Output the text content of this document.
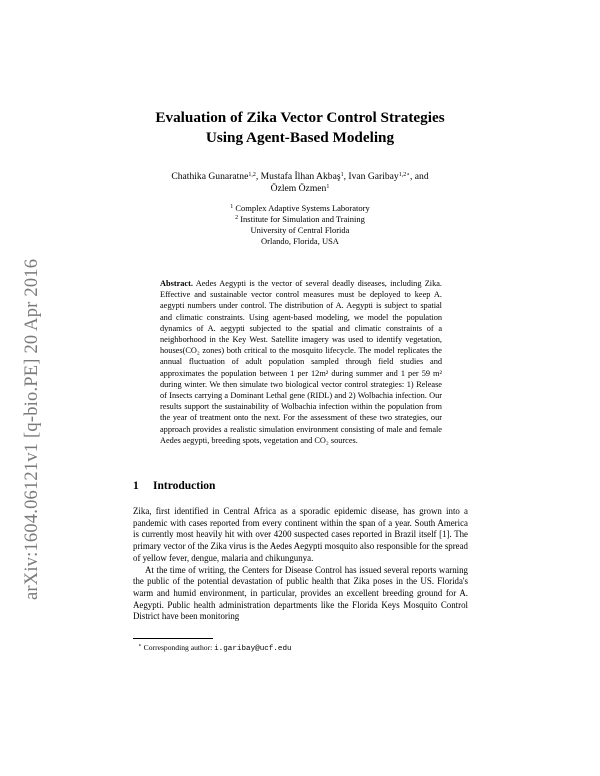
arXiv:1604.06121v1 [q-bio.PE] 20 Apr 2016
Evaluation of Zika Vector Control Strategies
Using Agent-Based Modeling
Chathika Gunaratne$^{1,2}$, Mustafa İlhan Akbaş$^1$, Ivan Garibay$^{1,2⋆}$, and
Özlem Özmen$^1$
$^1$ Complex Adaptive Systems Laboratory
$^2$ Institute for Simulation and Training
University of Central Florida
Orlando, Florida, USA
Abstract. Aedes Aegypti is the vector of several deadly diseases, including Zika. Effective and sustainable vector control measures must be deployed to keep A. aegypti numbers under control. The distribution of A. Aegypti is subject to spatial and climatic constraints. Using agent-based modeling, we model the population dynamics of A. aegypti subjected to the spatial and climatic constraints of a neighborhood in the Key West. Satellite imagery was used to identify vegetation, houses(CO₂ zones) both critical to the mosquito lifecycle. The model replicates the annual fluctuation of adult population sampled through field studies and approximates the population between 1 per 12m² during summer and 1 per 59 m² during winter. We then simulate two biological vector control strategies: 1) Release of Insects carrying a Dominant Lethal gene (RIDL) and 2) Wolbachia infection. Our results support the sustainability of Wolbachia infection within the population from the year of treatment onto the next. For the assessment of these two strategies, our approach provides a realistic simulation environment consisting of male and female Aedes aegypti, breeding spots, vegetation and CO₂ sources.
1 Introduction

Zika, first identified in Central Africa as a sporadic epidemic disease, has grown into a pandemic with cases reported from every continent within the span of a year. South America is currently most heavily hit with over 4200 suspected cases reported in Brazil itself [1]. The primary vector of the Zika virus is the Aedes Aegypti mosquito also responsible for the spread of yellow fever, dengue, malaria and chikungunya.

At the time of writing, the Centers for Disease Control has issued several reports warning the public of the potential devastation of public health that Zika poses in the US. Florida's warm and humid environment, in particular, provides an excellent breeding ground for A. Aegypti. Public health administration departments like the Florida Keys Mosquito Control District have been monitoring

⋆ Corresponding author: i.garibay@ucf.edu
